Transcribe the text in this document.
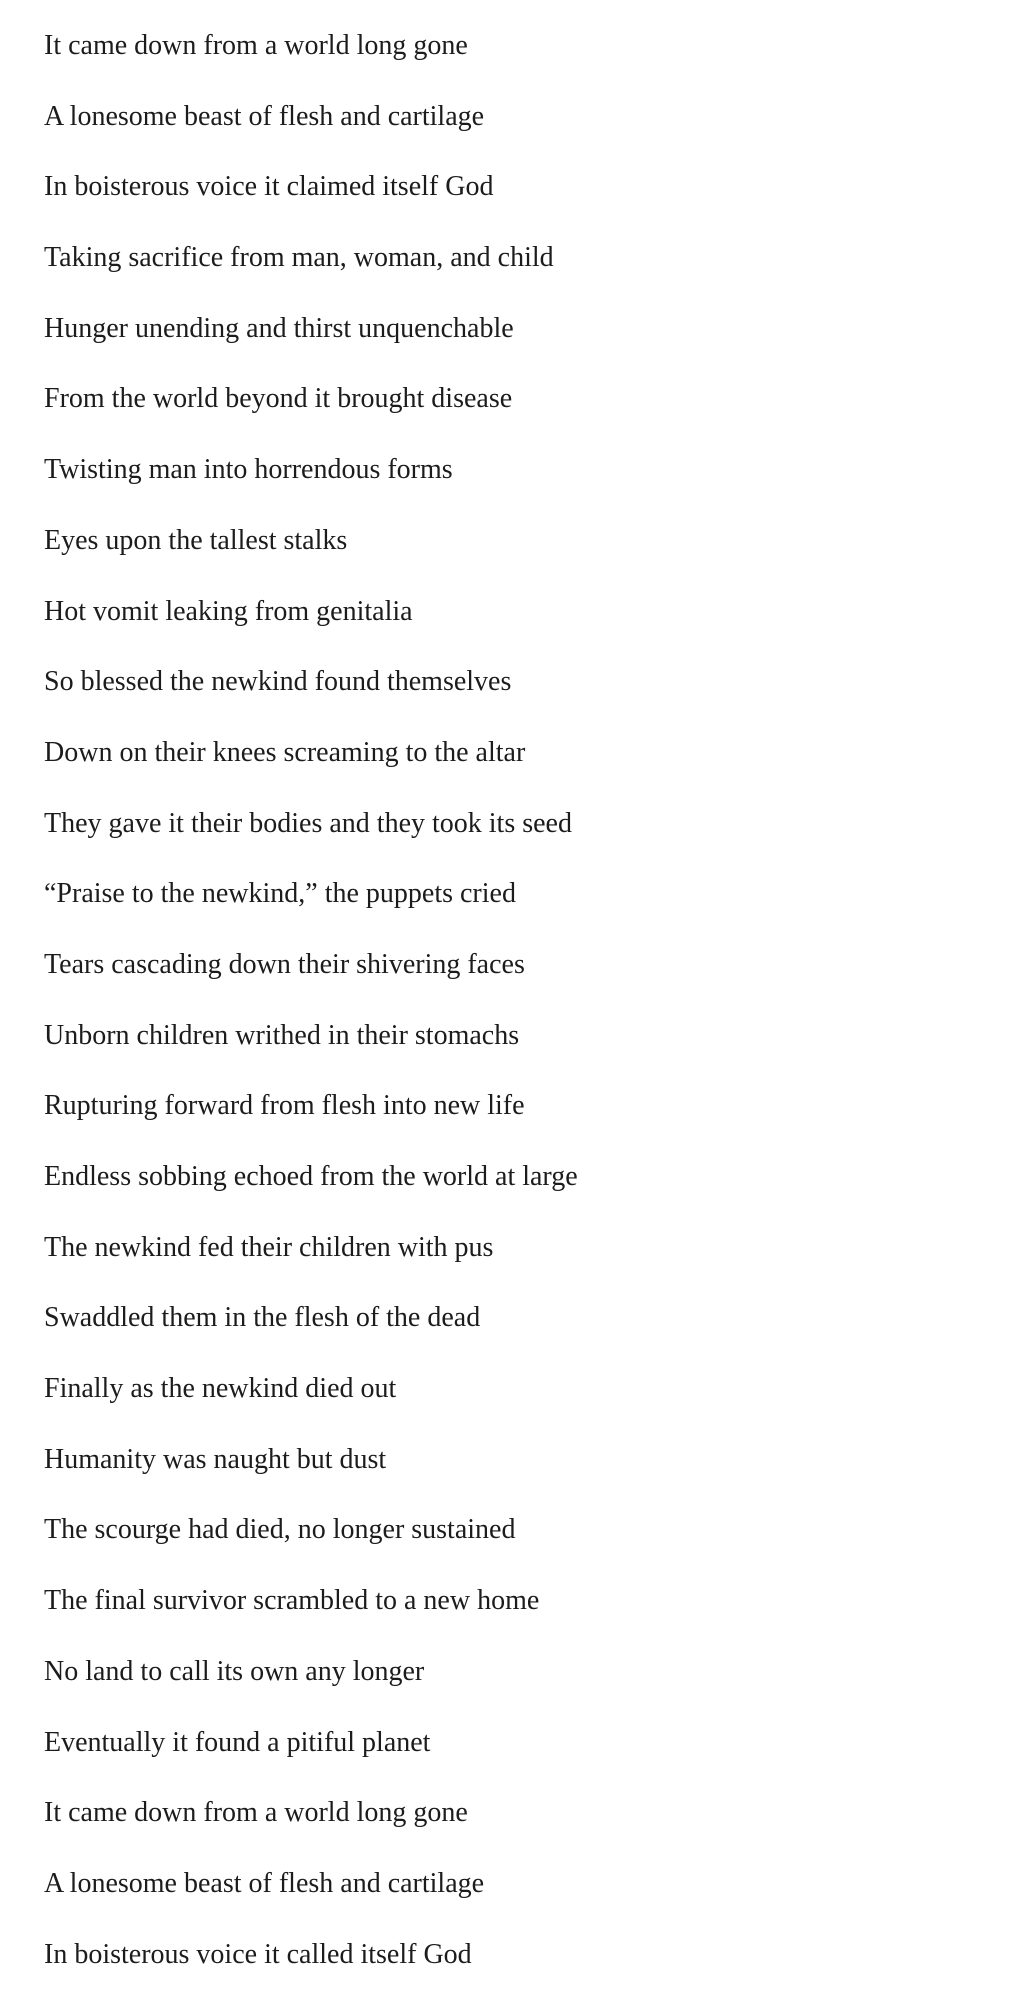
It came down from a world long gone
A lonesome beast of flesh and cartilage
In boisterous voice it claimed itself God
Taking sacrifice from man, woman, and child
Hunger unending and thirst unquenchable
From the world beyond it brought disease
Twisting man into horrendous forms
Eyes upon the tallest stalks
Hot vomit leaking from genitalia
So blessed the newkind found themselves
Down on their knees screaming to the altar
They gave it their bodies and they took its seed
“Praise to the newkind,” the puppets cried
Tears cascading down their shivering faces
Unborn children writhed in their stomachs
Rupturing forward from flesh into new life
Endless sobbing echoed from the world at large
The newkind fed their children with pus
Swaddled them in the flesh of the dead
Finally as the newkind died out
Humanity was naught but dust
The scourge had died, no longer sustained
The final survivor scrambled to a new home
No land to call its own any longer
Eventually it found a pitiful planet
It came down from a world long gone
A lonesome beast of flesh and cartilage
In boisterous voice it called itself God
